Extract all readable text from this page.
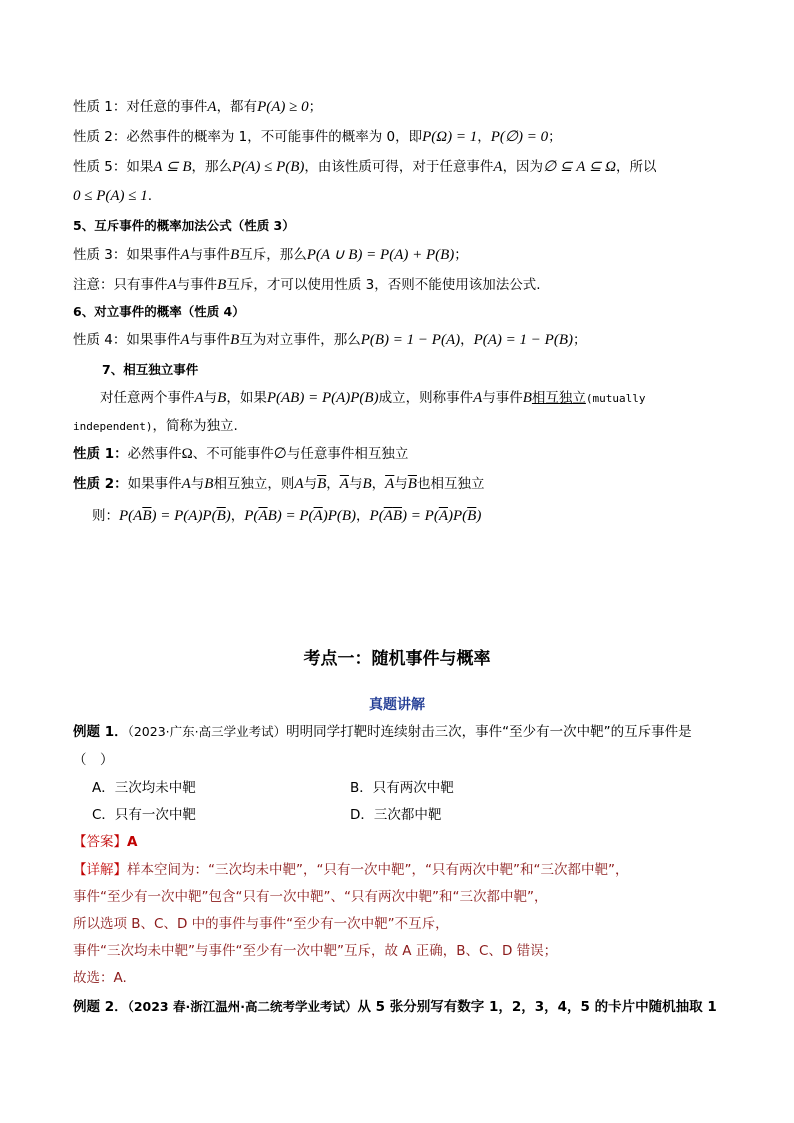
性质 1：对任意的事件A，都有P(A) ≥ 0；
性质 2：必然事件的概率为 1，不可能事件的概率为 0，即P(Ω) = 1，P(∅) = 0；
性质 5：如果A ⊆ B，那么P(A) ≤ P(B)，由该性质可得，对于任意事件A，因为∅ ⊆ A ⊆ Ω，所以
0 ≤ P(A) ≤ 1.
5、互斥事件的概率加法公式（性质 3）
性质 3：如果事件A与事件B互斥，那么P(A ∪ B) = P(A) + P(B)；
注意：只有事件A与事件B互斥，才可以使用性质 3，否则不能使用该加法公式.
6、对立事件的概率（性质 4）
性质 4：如果事件A与事件B互为对立事件，那么P(B) = 1 − P(A)，P(A) = 1 − P(B)；
7、相互独立事件
对任意两个事件A与B，如果P(AB) = P(A)P(B)成立，则称事件A与事件B相互独立(mutually
independent)，简称为独立.
性质 1：必然事件Ω、不可能事件∅与任意事件相互独立
性质 2：如果事件A与B相互独立，则A与$\overline{B}$，$\overline{A}$与B，$\overline{A}$与$\overline{B}$也相互独立
则：$P(A\overline{B}) = P(A)P(\overline{B})$，$P(\overline{A}B) = P(\overline{A})P(B)$，$P(\overline{A}\overline{B}) = P(\overline{A})P(\overline{B})$
考点一：随机事件与概率
真题讲解
例题 1．（2023·广东·高三学业考试）明明同学打靶时连续射击三次，事件“至少有一次中靶”的互斥事件是
（　）
A．三次均未中靶	B．只有两次中靶
C．只有一次中靶	D．三次都中靶
【答案】A
【详解】样本空间为：“三次均未中靶”，“只有一次中靶”，“只有两次中靶”和“三次都中靶”，
事件“至少有一次中靶”包含“只有一次中靶”、“只有两次中靶”和“三次都中靶”，
所以选项 B、C、D 中的事件与事件“至少有一次中靶”不互斥，
事件“三次均未中靶”与事件“至少有一次中靶”互斥，故 A 正确，B、C、D 错误；
故选：A.
例题 2．（2023 春·浙江温州·高二统考学业考试）从 5 张分别写有数字 1，2，3，4，5 的卡片中随机抽取 1
